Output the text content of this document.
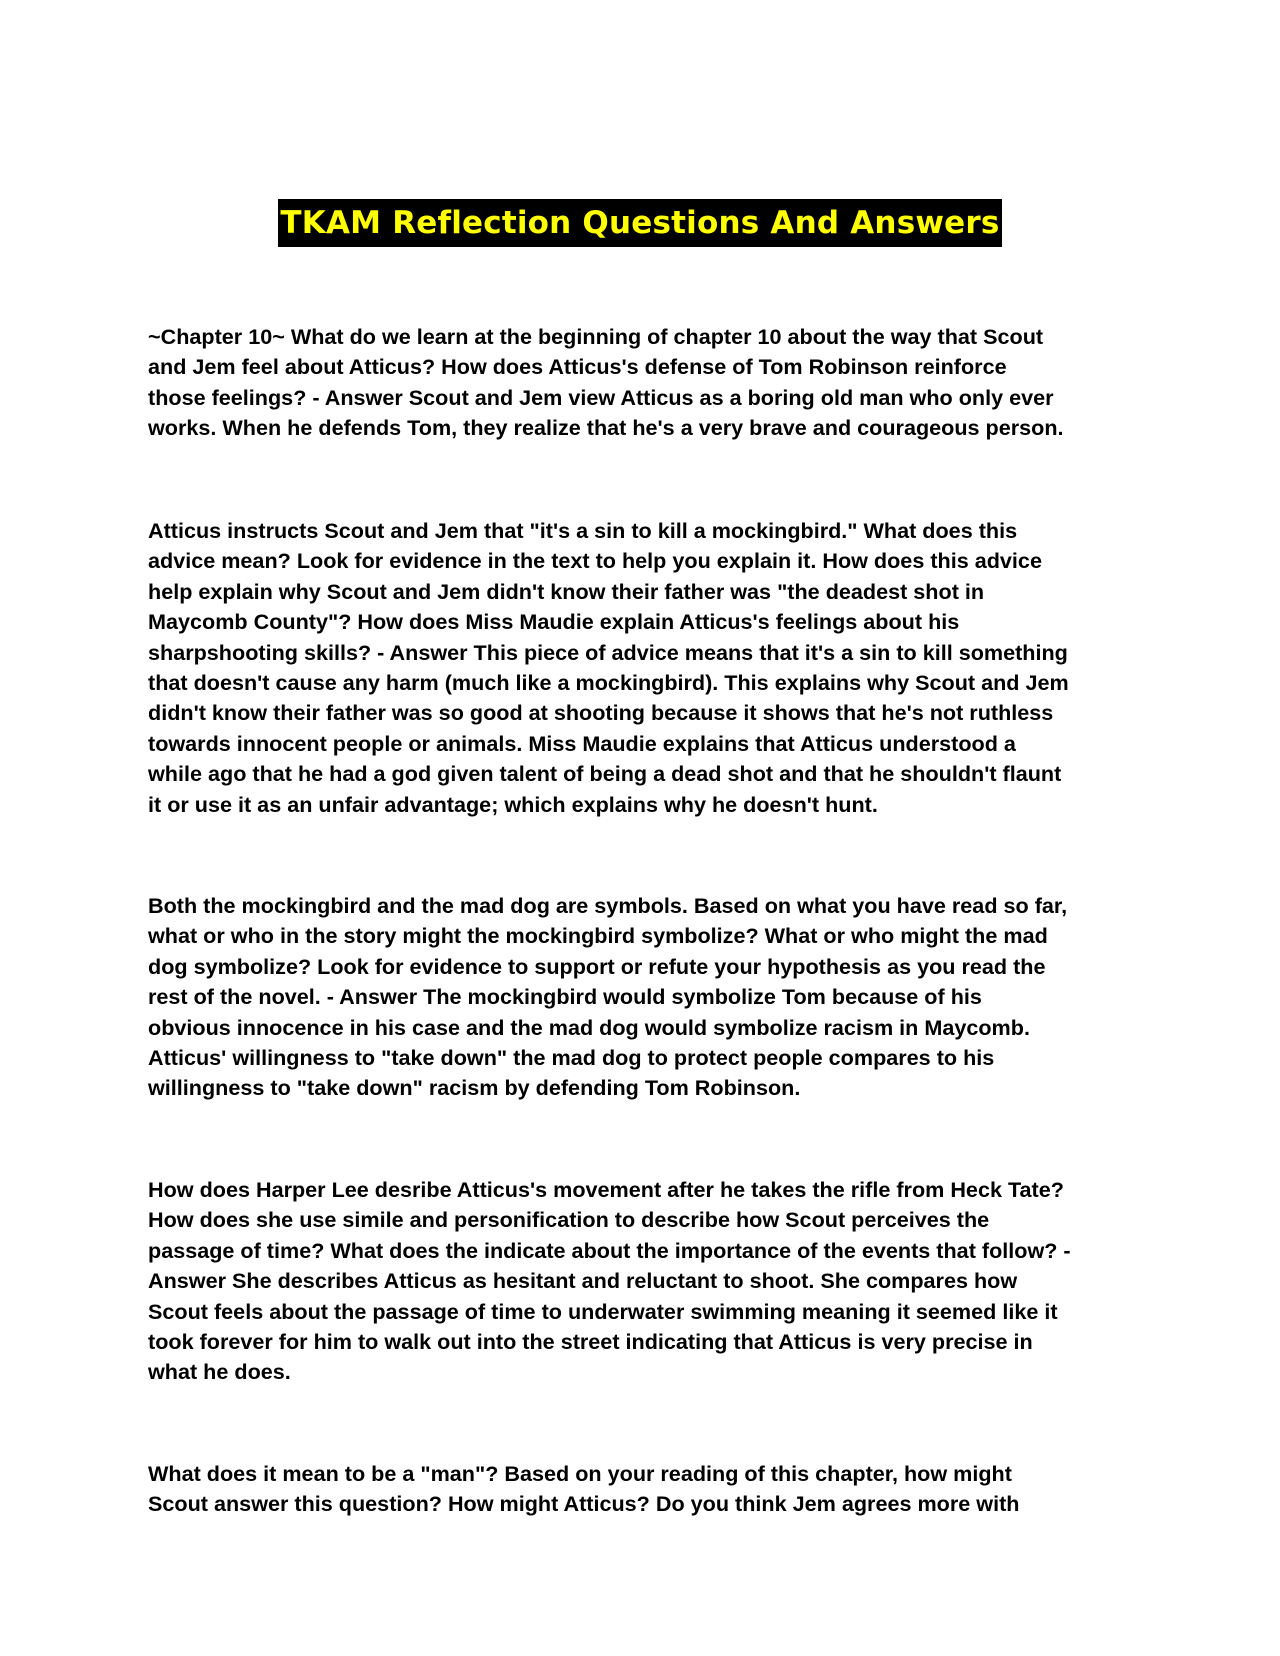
TKAM Reflection Questions And Answers
~Chapter 10~ What do we learn at the beginning of chapter 10 about the way that Scout
and Jem feel about Atticus? How does Atticus's defense of Tom Robinson reinforce
those feelings? - Answer Scout and Jem view Atticus as a boring old man who only ever
works. When he defends Tom, they realize that he's a very brave and courageous person.
Atticus instructs Scout and Jem that "it's a sin to kill a mockingbird." What does this
advice mean? Look for evidence in the text to help you explain it. How does this advice
help explain why Scout and Jem didn't know their father was "the deadest shot in
Maycomb County"? How does Miss Maudie explain Atticus's feelings about his
sharpshooting skills? - Answer This piece of advice means that it's a sin to kill something
that doesn't cause any harm (much like a mockingbird). This explains why Scout and Jem
didn't know their father was so good at shooting because it shows that he's not ruthless
towards innocent people or animals. Miss Maudie explains that Atticus understood a
while ago that he had a god given talent of being a dead shot and that he shouldn't flaunt
it or use it as an unfair advantage; which explains why he doesn't hunt.
Both the mockingbird and the mad dog are symbols. Based on what you have read so far,
what or who in the story might the mockingbird symbolize? What or who might the mad
dog symbolize? Look for evidence to support or refute your hypothesis as you read the
rest of the novel. - Answer The mockingbird would symbolize Tom because of his
obvious innocence in his case and the mad dog would symbolize racism in Maycomb.
Atticus' willingness to "take down" the mad dog to protect people compares to his
willingness to "take down" racism by defending Tom Robinson.
How does Harper Lee desribe Atticus's movement after he takes the rifle from Heck Tate?
How does she use simile and personification to describe how Scout perceives the
passage of time? What does the indicate about the importance of the events that follow? -
Answer She describes Atticus as hesitant and reluctant to shoot. She compares how
Scout feels about the passage of time to underwater swimming meaning it seemed like it
took forever for him to walk out into the street indicating that Atticus is very precise in
what he does.
What does it mean to be a "man"? Based on your reading of this chapter, how might
Scout answer this question? How might Atticus? Do you think Jem agrees more with
